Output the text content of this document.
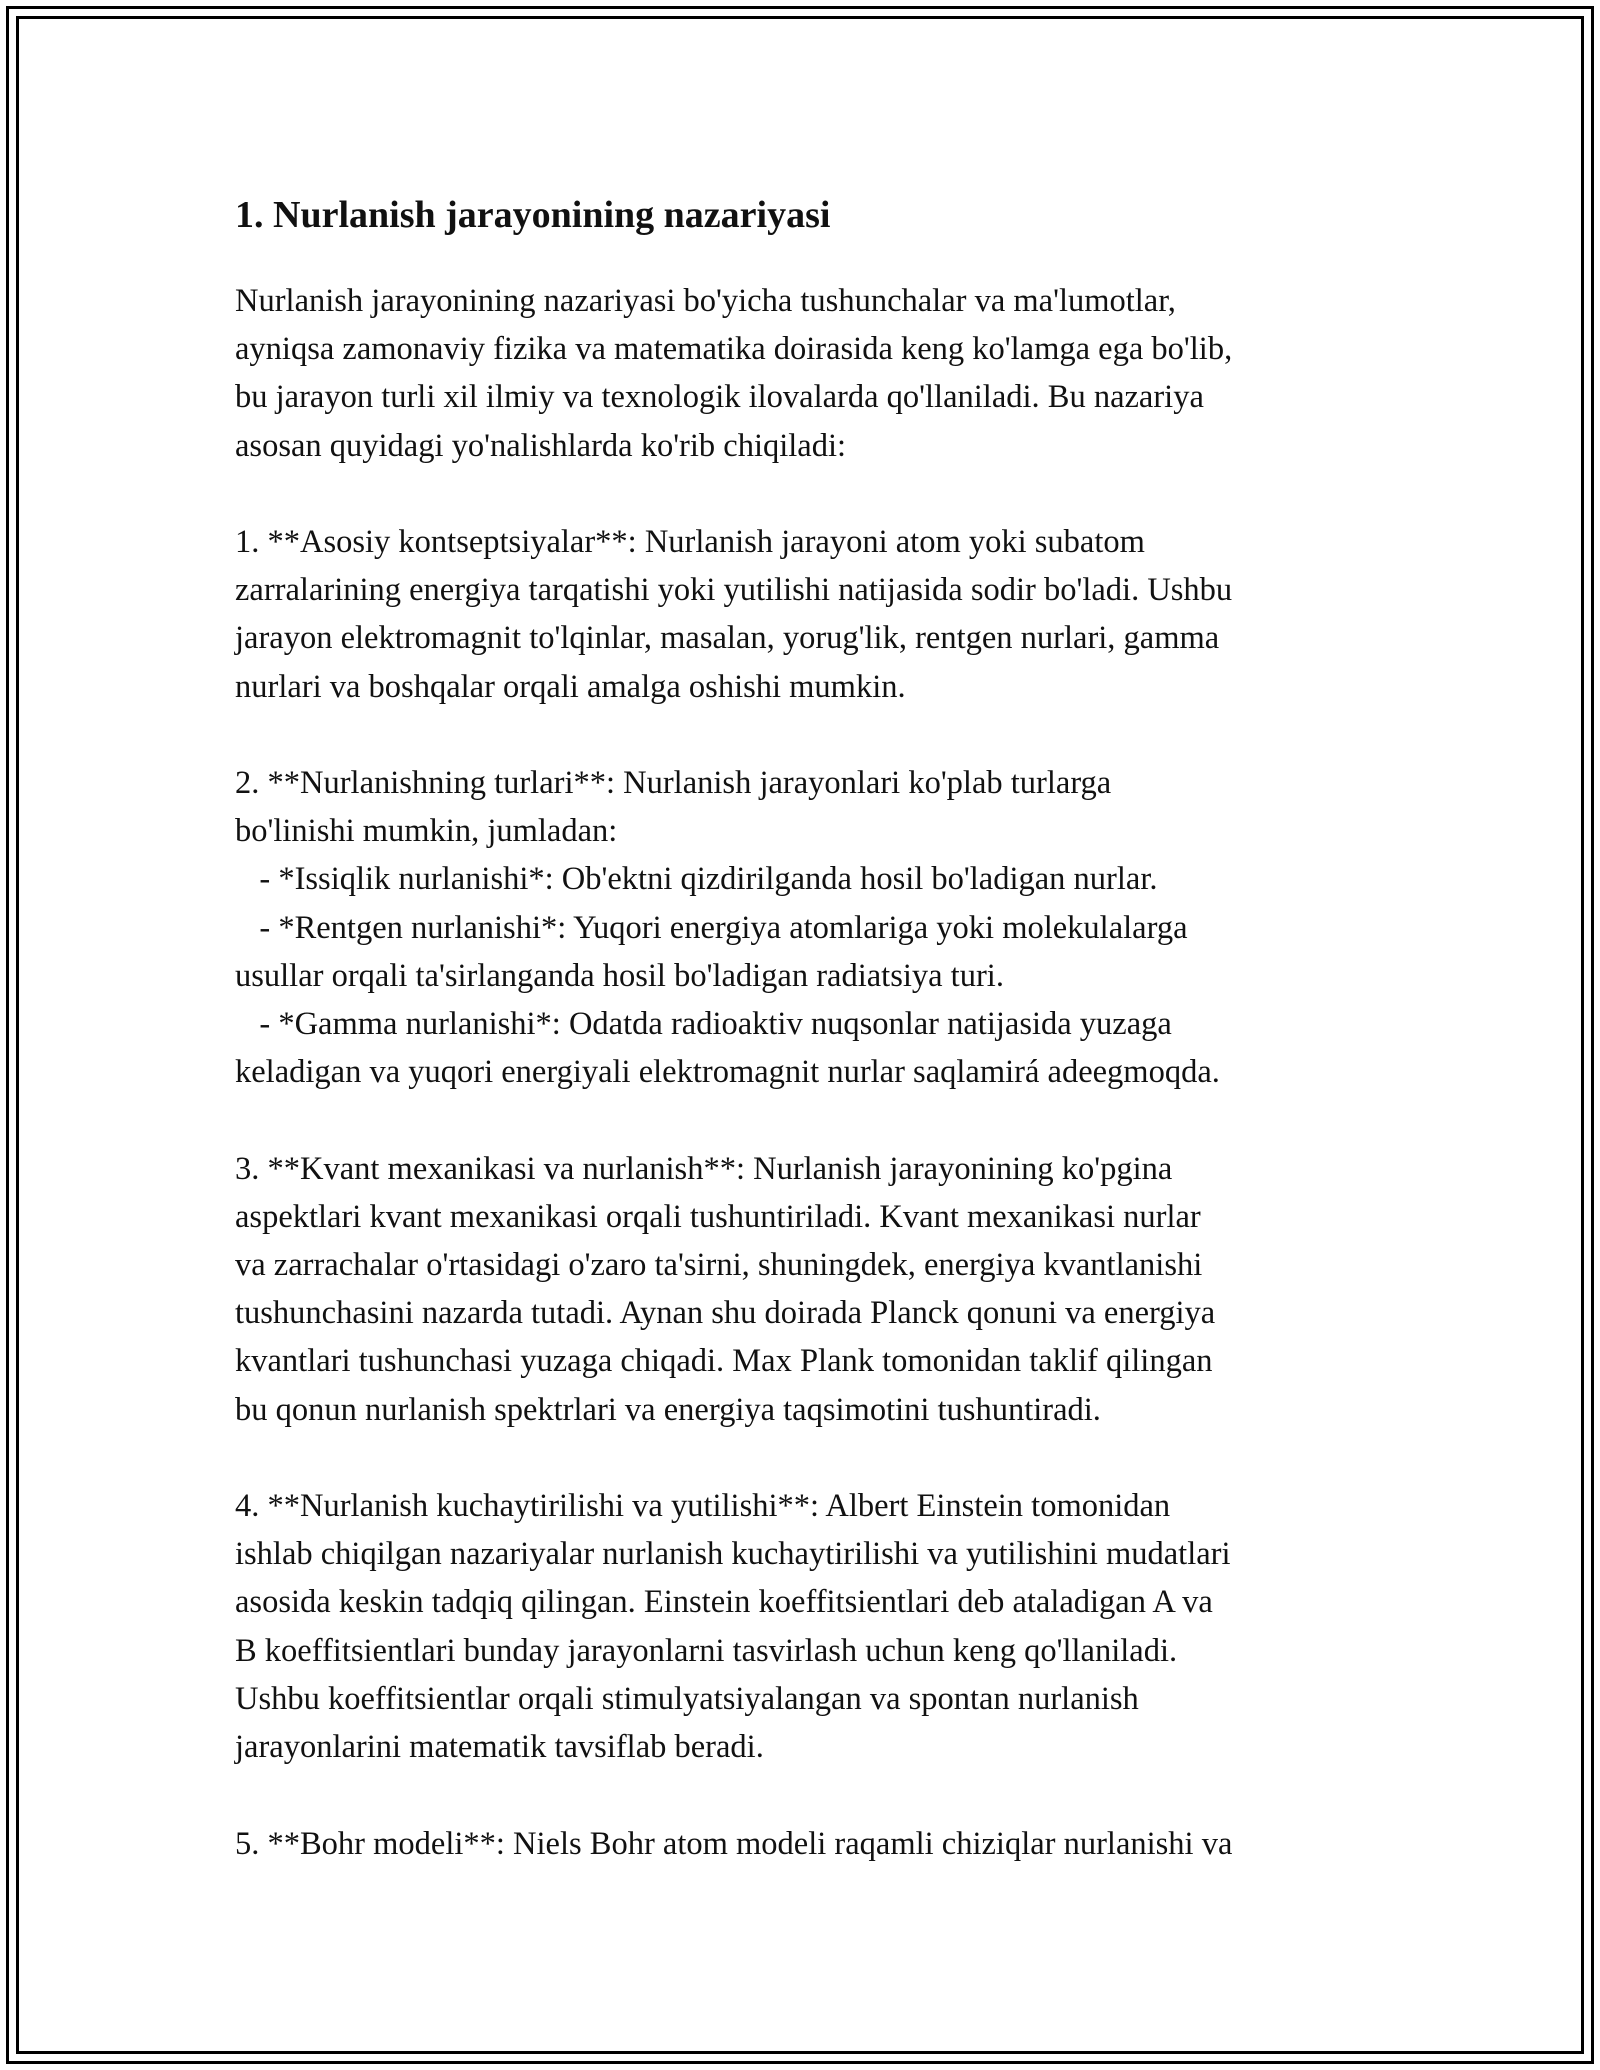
1. Nurlanish jarayonining nazariyasi

Nurlanish jarayonining nazariyasi bo'yicha tushunchalar va ma'lumotlar,
ayniqsa zamonaviy fizika va matematika doirasida keng ko'lamga ega bo'lib,
bu jarayon turli xil ilmiy va texnologik ilovalarda qo'llaniladi. Bu nazariya
asosan quyidagi yo'nalishlarda ko'rib chiqiladi:

1. **Asosiy kontseptsiyalar**: Nurlanish jarayoni atom yoki subatom
zarralarining energiya tarqatishi yoki yutilishi natijasida sodir bo'ladi. Ushbu
jarayon elektromagnit to'lqinlar, masalan, yorug'lik, rentgen nurlari, gamma
nurlari va boshqalar orqali amalga oshishi mumkin.

2. **Nurlanishning turlari**: Nurlanish jarayonlari ko'plab turlarga
bo'linishi mumkin, jumladan:
- *Issiqlik nurlanishi*: Ob'ektni qizdirilganda hosil bo'ladigan nurlar.
- *Rentgen nurlanishi*: Yuqori energiya atomlariga yoki molekulalarga
usullar orqali ta'sirlanganda hosil bo'ladigan radiatsiya turi.
- *Gamma nurlanishi*: Odatda radioaktiv nuqsonlar natijasida yuzaga
keladigan va yuqori energiyali elektromagnit nurlar saqlamirá adeegmoqda.

3. **Kvant mexanikasi va nurlanish**: Nurlanish jarayonining ko'pgina
aspektlari kvant mexanikasi orqali tushuntiriladi. Kvant mexanikasi nurlar
va zarrachalar o'rtasidagi o'zaro ta'sirni, shuningdek, energiya kvantlanishi
tushunchasini nazarda tutadi. Aynan shu doirada Planck qonuni va energiya
kvantlari tushunchasi yuzaga chiqadi. Max Plank tomonidan taklif qilingan
bu qonun nurlanish spektrlari va energiya taqsimotini tushuntiradi.

4. **Nurlanish kuchaytirilishi va yutilishi**: Albert Einstein tomonidan
ishlab chiqilgan nazariyalar nurlanish kuchaytirilishi va yutilishini mudatlari
asosida keskin tadqiq qilingan. Einstein koeffitsientlari deb ataladigan A va
B koeffitsientlari bunday jarayonlarni tasvirlash uchun keng qo'llaniladi.
Ushbu koeffitsientlar orqali stimulyatsiyalangan va spontan nurlanish
jarayonlarini matematik tavsiflab beradi.

5. **Bohr modeli**: Niels Bohr atom modeli raqamli chiziqlar nurlanishi va
